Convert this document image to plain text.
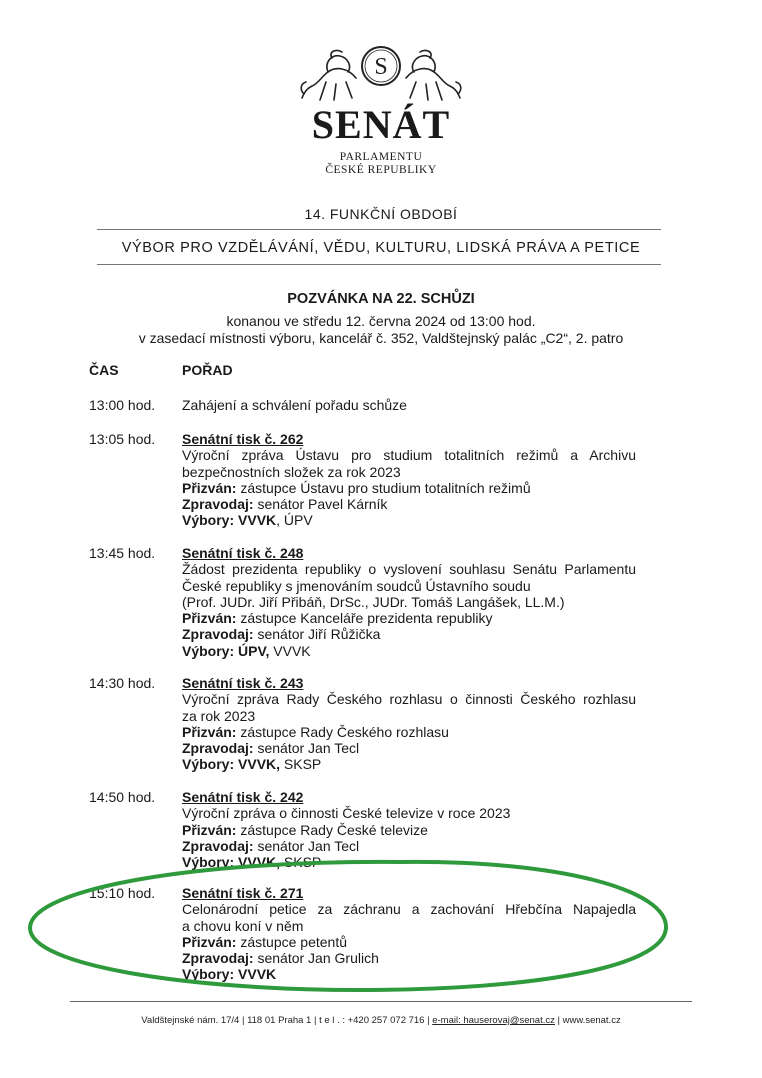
S
SENÁT
PARLAMENTU
ČESKÉ REPUBLIKY
14. FUNKČNÍ OBDOBÍ
VÝBOR PRO VZDĚLÁVÁNÍ, VĚDU, KULTURU, LIDSKÁ PRÁVA A PETICE
POZVÁNKA NA 22. SCHŮZI
konanou ve středu 12. června 2024 od 13:00 hod.
v zasedací místnosti výboru, kancelář č. 352, Valdštejnský palác „C2“, 2. patro
ČAS	POŘAD
13:00 hod. Zahájení a schválení pořadu schůze
13:05 hod. Senátní tisk č. 262
Výroční zpráva Ústavu pro studium totalitních režimů a Archivu
bezpečnostních složek za rok 2023
Přizván: zástupce Ústavu pro studium totalitních režimů
Zpravodaj: senátor Pavel Kárník
Výbory: VVVK, ÚPV
13:45 hod. Senátní tisk č. 248
Žádost prezidenta republiky o vyslovení souhlasu Senátu Parlamentu
České republiky s jmenováním soudců Ústavního soudu
(Prof. JUDr. Jiří Přibáň, DrSc., JUDr. Tomáš Langášek, LL.M.)
Přizván: zástupce Kanceláře prezidenta republiky
Zpravodaj: senátor Jiří Růžička
Výbory: ÚPV, VVVK
14:30 hod. Senátní tisk č. 243
Výroční zpráva Rady Českého rozhlasu o činnosti Českého rozhlasu
za rok 2023
Přizván: zástupce Rady Českého rozhlasu
Zpravodaj: senátor Jan Tecl
Výbory: VVVK, SKSP
14:50 hod. Senátní tisk č. 242
Výroční zpráva o činnosti České televize v roce 2023
Přizván: zástupce Rady České televize
Zpravodaj: senátor Jan Tecl
Výbory: VVVK, SKSP
15:10 hod. Senátní tisk č. 271
Celonárodní petice za záchranu a zachování Hřebčína Napajedla
a chovu koní v něm
Přizván: zástupce petentů
Zpravodaj: senátor Jan Grulich
Výbory: VVVK
Valdštejnské nám. 17/4 | 118 01 Praha 1 | t e l . : +420 257 072 716 | e-mail: hauserovaj@senat.cz | www.senat.cz
